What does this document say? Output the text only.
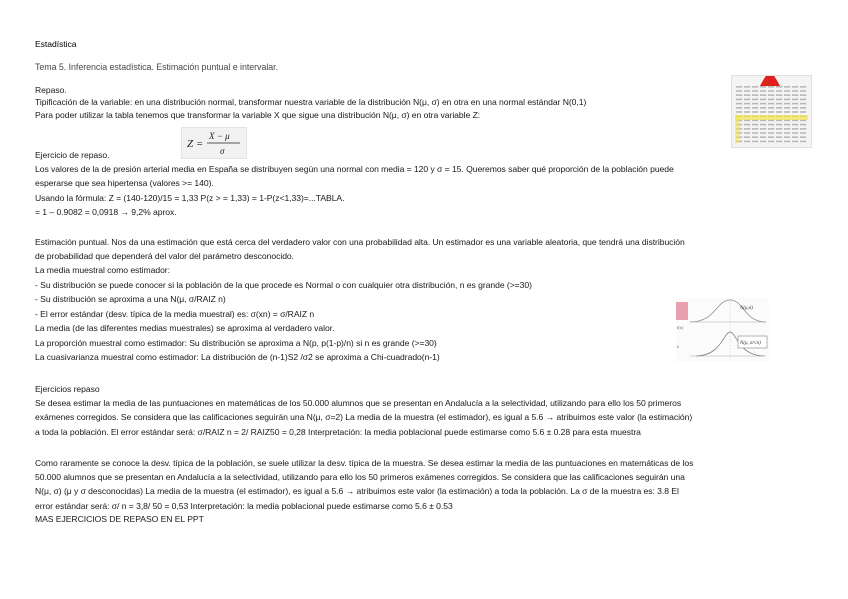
Estadística
Tema 5. Inferencia estadística. Estimación puntual e intervalar.
Repaso.
Tipificación de la variable: en una distribución normal, transformar nuestra variable de la distribución N(μ, σ) en otra en una normal estándar N(0,1)
Para poder utilizar la tabla tenemos que transformar la variable X que sigue una distribución N(μ, σ) en otra variable Z:
Z =
X − μ
σ
Ejercicio de repaso.
Los valores de la de presión arterial media en España se distribuyen según una normal con media = 120 y σ = 15. Queremos saber qué proporción de la población puede
esperarse que sea hipertensa (valores >= 140).
Usando la fórmula: Z = (140-120)/15 = 1,33 P(z > = 1,33) = 1-P(z<1,33)=...TABLA.
= 1 – 0.9082 = 0,0918 → 9,2% aprox.
Estimación puntual. Nos da una estimación que está cerca del verdadero valor con una probabilidad alta. Un estimador es una variable aleatoria, que tendrá una distribución
de probabilidad que dependerá del valor del parámetro desconocido.
La media muestral como estimador:
- Su distribución se puede conocer si la población de la que procede es Normal o con cualquier otra distribución, n es grande (>=30)
- Su distribución se aproxima a una N(μ, σ/RAIZ n)
- El error estándar (desv. típica de la media muestral) es: σ(xn) = σ/RAIZ n
La media (de las diferentes medias muestrales) se aproxima al verdadero valor.
La proporción muestral como estimador: Su distribución se aproxima a N(p, p(1-p)/n) si n es grande (>=30)
La cuasivarianza muestral como estimador: La distribución de (n-1)S2 /σ2 se aproxima a Chi-cuadrado(n-1)
f(x)
x̄
N(μ,σ)
N(μ, σ/√n)
Ejercicios repaso
Se desea estimar la media de las puntuaciones en matemáticas de los 50.000 alumnos que se presentan en Andalucía a la selectividad, utilizando para ello los 50 primeros
exámenes corregidos. Se considera que las calificaciones seguirán una N(μ, σ=2) La media de la muestra (el estimador), es igual a 5.6 → atribuimos este valor (la estimación)
a toda la población. El error estándar será: σ/RAIZ n = 2/ RAIZ50 = 0,28 Interpretación: la media poblacional puede estimarse como 5.6 ± 0.28 para esta muestra
Como raramente se conoce la desv. típica de la población, se suele utilizar la desv. típica de la muestra. Se desea estimar la media de las puntuaciones en matemáticas de los
50.000 alumnos que se presentan en Andalucía a la selectividad, utilizando para ello los 50 primeros exámenes corregidos. Se considera que las calificaciones seguirán una
N(μ, σ) (μ y σ desconocidas) La media de la muestra (el estimador), es igual a 5.6 → atribuimos este valor (la estimación) a toda la población. La σ de la muestra es: 3.8 El
error estándar será: σ/ n = 3,8/ 50 = 0,53 Interpretación: la media poblacional puede estimarse como 5.6 ± 0.53
MAS EJERCICIOS DE REPASO EN EL PPT
